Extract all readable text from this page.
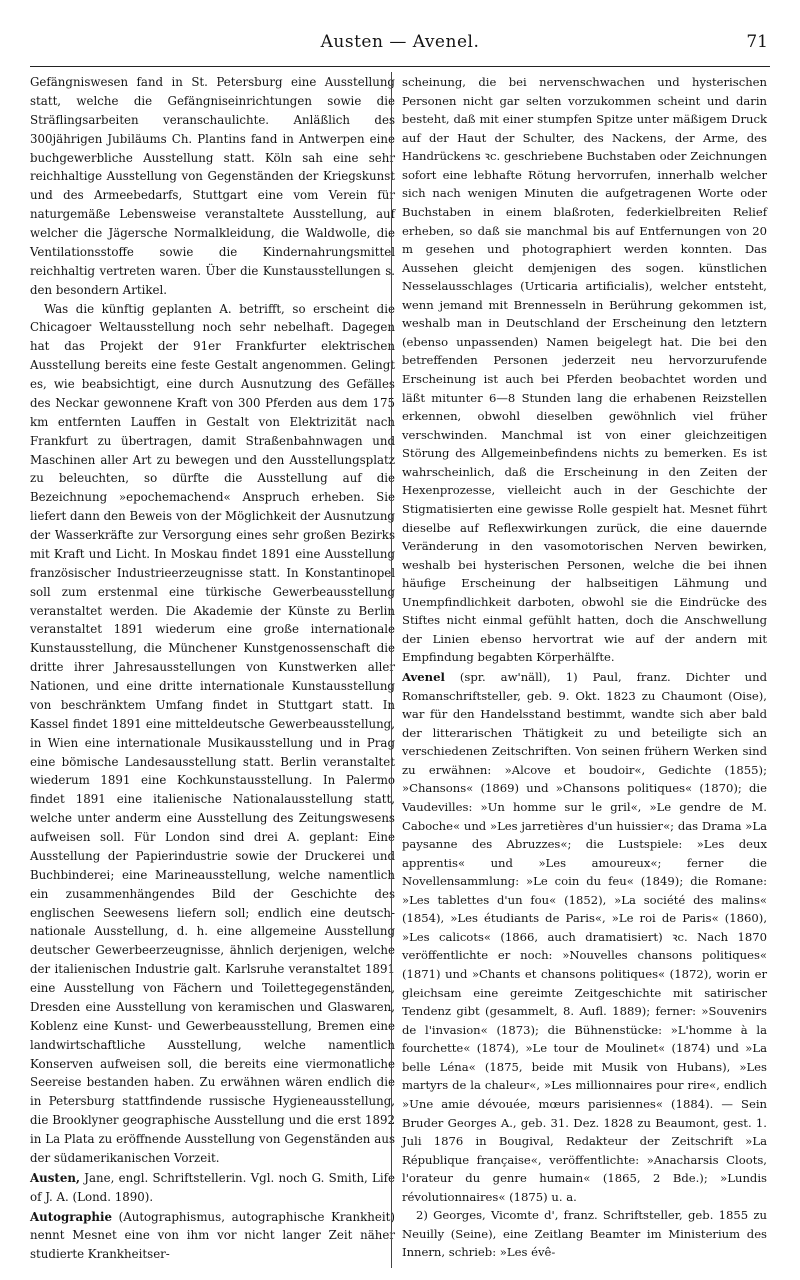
Austen — Avenel.	71

Gefängniswesen fand in St. Petersburg eine Ausstellung statt, welche die Gefängniseinrichtungen sowie die Sträflingsarbeiten veranschaulichte. Anläßlich des 300jährigen Jubiläums Ch. Plantins fand in Antwerpen eine buchgewerbliche Ausstellung statt. Köln sah eine sehr reichhaltige Ausstellung von Gegenständen der Kriegskunst und des Armeebedarfs, Stuttgart eine vom Verein für naturgemäße Lebensweise veranstaltete Ausstellung, auf welcher die Jägersche Normalkleidung, die Waldwolle, die Ventilationsstoffe sowie die Kindernahrungsmittel reichhaltig vertreten waren. Über die Kunstausstellungen s. den besondern Artikel.

Was die künftig geplanten A. betrifft, so erscheint die Chicagoer Weltausstellung noch sehr nebelhaft. Dagegen hat das Projekt der 91er Frankfurter elektrischen Ausstellung bereits eine feste Gestalt angenommen. Gelingt es, wie beabsichtigt, eine durch Ausnutzung des Gefälles des Neckar gewonnene Kraft von 300 Pferden aus dem 175 km entfernten Lauffen in Gestalt von Elektrizität nach Frankfurt zu übertragen, damit Straßenbahnwagen und Maschinen aller Art zu bewegen und den Ausstellungsplatz zu beleuchten, so dürfte die Ausstellung auf die Bezeichnung »epochemachend« Anspruch erheben. Sie liefert dann den Beweis von der Möglichkeit der Ausnutzung der Wasserkräfte zur Versorgung eines sehr großen Bezirks mit Kraft und Licht. In Moskau findet 1891 eine Ausstellung französischer Industrieerzeugnisse statt. In Konstantinopel soll zum erstenmal eine türkische Gewerbeausstellung veranstaltet werden. Die Akademie der Künste zu Berlin veranstaltet 1891 wiederum eine große internationale Kunstausstellung, die Münchener Kunstgenossenschaft die dritte ihrer Jahresausstellungen von Kunstwerken aller Nationen, und eine dritte internationale Kunstausstellung von beschränktem Umfang findet in Stuttgart statt. In Kassel findet 1891 eine mitteldeutsche Gewerbeausstellung, in Wien eine internationale Musikausstellung und in Prag eine bömische Landesausstellung statt. Berlin veranstaltet wiederum 1891 eine Kochkunstausstellung. In Palermo findet 1891 eine italienische Nationalausstellung statt, welche unter anderm eine Ausstellung des Zeitungswesens aufweisen soll. Für London sind drei A. geplant: Eine Ausstellung der Papierindustrie sowie der Druckerei und Buchbinderei; eine Marineausstellung, welche namentlich ein zusammenhängendes Bild der Geschichte des englischen Seewesens liefern soll; endlich eine deutsch-nationale Ausstellung, d. h. eine allgemeine Ausstellung deutscher Gewerbeerzeugnisse, ähnlich derjenigen, welche der italienischen Industrie galt. Karlsruhe veranstaltet 1891 eine Ausstellung von Fächern und Toilettegegenständen, Dresden eine Ausstellung von keramischen und Glaswaren, Koblenz eine Kunst- und Gewerbeausstellung, Bremen eine landwirtschaftliche Ausstellung, welche namentlich Konserven aufweisen soll, die bereits eine viermonatliche Seereise bestanden haben. Zu erwähnen wären endlich die in Petersburg stattfindende russische Hygieneausstellung, die Brooklyner geographische Ausstellung und die erst 1892 in La Plata zu eröffnende Ausstellung von Gegenständen aus der südamerikanischen Vorzeit.

Austen, Jane, engl. Schriftstellerin. Vgl. noch G. Smith, Life of J. A. (Lond. 1890).

Autographie (Autographismus, autographische Krankheit) nennt Mesnet eine von ihm vor nicht langer Zeit näher studierte Krankheitser-

scheinung, die bei nervenschwachen und hysterischen Personen nicht gar selten vorzukommen scheint und darin besteht, daß mit einer stumpfen Spitze unter mäßigem Druck auf der Haut der Schulter, des Nackens, der Arme, des Handrückens ꝛc. geschriebene Buchstaben oder Zeichnungen sofort eine lebhafte Rötung hervorrufen, innerhalb welcher sich nach wenigen Minuten die aufgetragenen Worte oder Buchstaben in einem blaßroten, federkielbreiten Relief erheben, so daß sie manchmal bis auf Entfernungen von 20 m gesehen und photographiert werden konnten. Das Aussehen gleicht demjenigen des sogen. künstlichen Nesselausschlages (Urticaria artificialis), welcher entsteht, wenn jemand mit Brennesseln in Berührung gekommen ist, weshalb man in Deutschland der Erscheinung den letztern (ebenso unpassenden) Namen beigelegt hat. Die bei den betreffenden Personen jederzeit neu hervorzurufende Erscheinung ist auch bei Pferden beobachtet worden und läßt mitunter 6—8 Stunden lang die erhabenen Reizstellen erkennen, obwohl dieselben gewöhnlich viel früher verschwinden. Manchmal ist von einer gleichzeitigen Störung des Allgemeinbefindens nichts zu bemerken. Es ist wahrscheinlich, daß die Erscheinung in den Zeiten der Hexenprozesse, vielleicht auch in der Geschichte der Stigmatisierten eine gewisse Rolle gespielt hat. Mesnet führt dieselbe auf Reflexwirkungen zurück, die eine dauernde Veränderung in den vasomotorischen Nerven bewirken, weshalb bei hysterischen Personen, welche die bei ihnen häufige Erscheinung der halbseitigen Lähmung und Unempfindlichkeit darboten, obwohl sie die Eindrücke des Stiftes nicht einmal gefühlt hatten, doch die Anschwellung der Linien ebenso hervortrat wie auf der andern mit Empfindung begabten Körperhälfte.

Avenel (spr. aw'näll), 1) Paul, franz. Dichter und Romanschriftsteller, geb. 9. Okt. 1823 zu Chaumont (Oise), war für den Handelsstand bestimmt, wandte sich aber bald der litterarischen Thätigkeit zu und beteiligte sich an verschiedenen Zeitschriften. Von seinen frühern Werken sind zu erwähnen: »Alcove et boudoir«, Gedichte (1855); »Chansons« (1869) und »Chansons politiques« (1870); die Vaudevilles: »Un homme sur le gril«, »Le gendre de M. Caboche« und »Les jarretières d'un huissier«; das Drama »La paysanne des Abruzzes«; die Lustspiele: »Les deux apprentis« und »Les amoureux«; ferner die Novellensammlung: »Le coin du feu« (1849); die Romane: »Les tablettes d'un fou« (1852), »La société des malins« (1854), »Les étudiants de Paris«, »Le roi de Paris« (1860), »Les calicots« (1866, auch dramatisiert) ꝛc. Nach 1870 veröffentlichte er noch: »Nouvelles chansons politiques« (1871) und »Chants et chansons politiques« (1872), worin er gleichsam eine gereimte Zeitgeschichte mit satirischer Tendenz gibt (gesammelt, 8. Aufl. 1889); ferner: »Souvenirs de l'invasion« (1873); die Bühnenstücke: »L'homme à la fourchette« (1874), »Le tour de Moulinet« (1874) und »La belle Léna« (1875, beide mit Musik von Hubans), »Les martyrs de la chaleur«, »Les millionnaires pour rire«, endlich »Une amie dévouée, mœurs parisiennes« (1884). — Sein Bruder Georges A., geb. 31. Dez. 1828 zu Beaumont, gest. 1. Juli 1876 in Bougival, Redakteur der Zeitschrift »La République française«, veröffentlichte: »Anacharsis Cloots, l'orateur du genre humain« (1865, 2 Bde.); »Lundis révolutionnaires« (1875) u. a.

2) Georges, Vicomte d', franz. Schriftsteller, geb. 1855 zu Neuilly (Seine), eine Zeitlang Beamter im Ministerium des Innern, schrieb: »Les évê-
